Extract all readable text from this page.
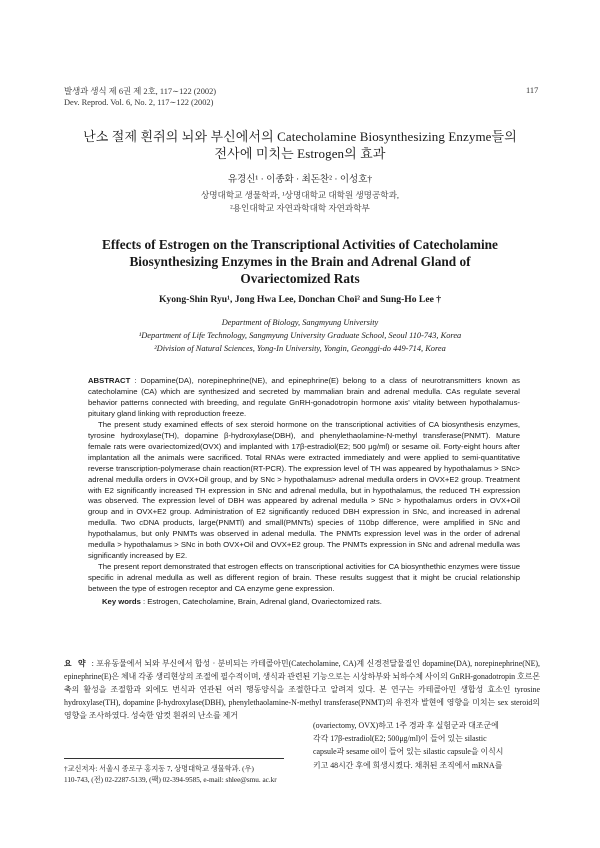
발생과 생식 제 6권 제 2호, 117∼122 (2002)
Dev. Reprod. Vol. 6, No. 2, 117∼122 (2002)
117
난소 절제 흰쥐의 뇌와 부신에서의 Catecholamine Biosynthesizing Enzyme들의
전사에 미치는 Estrogen의 효과
유경신¹ · 이종화 · 최돈찬² · 이성호†
상명대학교 생물학과, ¹상명대학교 대학원 생명공학과,
²용인대학교 자연과학대학 자연과학부
Effects of Estrogen on the Transcriptional Activities of Catecholamine
Biosynthesizing Enzymes in the Brain and Adrenal Gland of
Ovariectomized Rats
Kyong-Shin Ryu¹, Jong Hwa Lee, Donchan Choi² and Sung-Ho Lee †
Department of Biology, Sangmyung University
¹Department of Life Technology, Sangmyung University Graduate School, Seoul 110-743, Korea
²Division of Natural Sciences, Yong-In University, Yongin, Geonggi-do 449-714, Korea

ABSTRACT : Dopamine(DA), norepinephrine(NE), and epinephrine(E) belong to a class of neurotransmitters known as catecholamine (CA) which are synthesized and secreted by mammalian brain and adrenal medulla. CAs regulate several behavior patterns connected with breeding, and regulate GnRH-gonadotropin hormone axis' vitality between hypothalamus-pituitary gland linking with reproduction freeze.

The present study examined effects of sex steroid hormone on the transcriptional activities of CA biosynthesis enzymes, tyrosine hydroxylase(TH), dopamine β-hydroxylase(DBH), and phenylethaolamine-N-methyl transferase(PNMT). Mature female rats were ovariectomized(OVX) and implanted with 17β-estradiol(E2; 500 μg/ml) or sesame oil. Forty-eight hours after implantation all the animals were sacrificed. Total RNAs were extracted immediately and were applied to semi-quantitative reverse transcription-polymerase chain reaction(RT-PCR). The expression level of TH was appeared by hypothalamus > SNc> adrenal medulla orders in OVX+Oil group, and by SNc > hypothalamus> adrenal medulla orders in OVX+E2 group. Treatment with E2 significantly increased TH expression in SNc and adrenal medulla, but in hypothalamus, the reduced TH expression was observed. The expression level of DBH was appeared by adrenal medulla > SNc > hypothalamus orders in OVX+Oil group and in OVX+E2 group. Administration of E2 significantly reduced DBH expression in SNc, and increased in adrenal medulla. Two cDNA products, large(PNMTl) and small(PMNTs) species of 110bp difference, were amplified in SNc and hypothalamus, but only PNMTs was observed in adenal medulla. The PNMTs expression level was in the order of adrenal medulla > hypothalamus > SNc in both OVX+Oil and OVX+E2 group. The PNMTs expression in SNc and adrenal medulla was significantly increased by E2.

The present report demonstrated that estrogen effects on transcriptional activities for CA biosynthethic enzymes were tissue specific in adrenal medulla as well as different region of brain. These results suggest that it might be crucial relationship between the type of estrogen receptor and CA enzyme gene expression.

Key words : Estrogen, Catecholamine, Brain, Adrenal gland, Ovariectomized rats.

요 약 : 포유동물에서 뇌와 부신에서 합성 · 분비되는 카테콜아민(Catecholamine, CA)계 신경전달물질인 dopamine(DA), norepinephrine(NE), epinephrine(E)은 체내 각종 생리현상의 조절에 필수적이며, 생식과 관련된 기능으로는 시상하부와 뇌하수체 사이의 GnRH-gonadotropin 호르몬 축의 활성을 조절함과 외에도 번식과 연관된 여러 행동양식을 조절한다고 알려져 있다. 본 연구는 카테콜아민 생합성 효소인 tyrosine hydroxylase(TH), dopamine β-hydroxylase(DBH), phenylethaolamine-N-methyl transferase(PNMT)의 유전자 발현에 영향을 미치는 sex steroid의 영향을 조사하였다. 성숙한 암컷 흰쥐의 난소를 제거

(ovariectomy, OVX)하고 1주 경과 후 실험군과 대조군에
각각 17β-estradiol(E2; 500μg/ml)이 들어 있는 silastic
capsule과 sesame oil이 들어 있는 silastic capsule을 이식시
키고 48시간 후에 희생시켰다. 채취된 조직에서 mRNA를
†교신저자: 서울시 종로구 홍지동 7, 상명대학교 생물학과. (우)
110-743, (전) 02-2287-5139, (팩) 02-394-9585, e-mail: shlee@smu. ac.kr
